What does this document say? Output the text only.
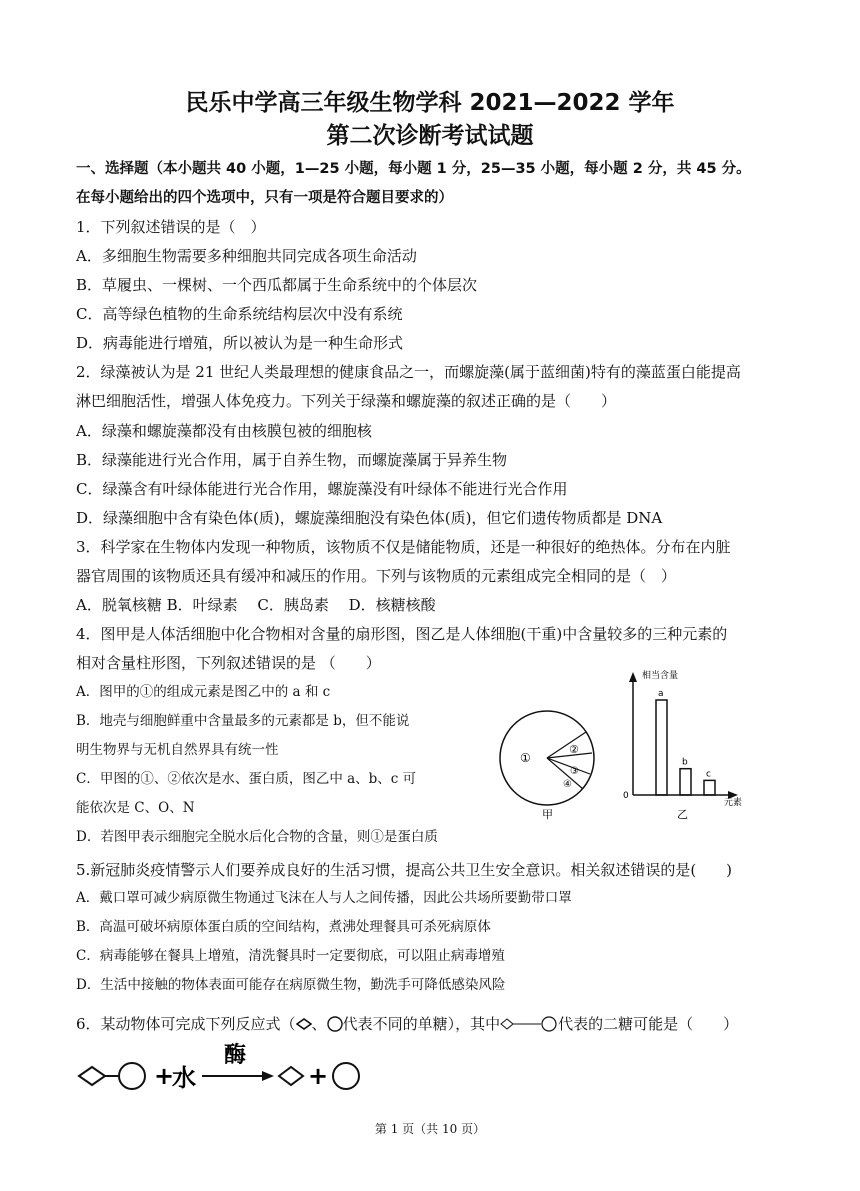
民乐中学高三年级生物学科 2021—2022 学年
第二次诊断考试试题
一、选择题（本小题共 40 小题，1—25 小题，每小题 1 分，25—35 小题，每小题 2 分，共 45 分。
在每小题给出的四个选项中，只有一项是符合题目要求的）
1．下列叙述错误的是（　）
A．多细胞生物需要多种细胞共同完成各项生命活动
B．草履虫、一棵树、一个西瓜都属于生命系统中的个体层次
C．高等绿色植物的生命系统结构层次中没有系统
D．病毒能进行增殖，所以被认为是一种生命形式
2．绿藻被认为是 21 世纪人类最理想的健康食品之一，而螺旋藻(属于蓝细菌)特有的藻蓝蛋白能提高
淋巴细胞活性，增强人体免疫力。下列关于绿藻和螺旋藻的叙述正确的是（　　）
A．绿藻和螺旋藻都没有由核膜包被的细胞核
B．绿藻能进行光合作用，属于自养生物，而螺旋藻属于异养生物
C．绿藻含有叶绿体能进行光合作用，螺旋藻没有叶绿体不能进行光合作用
D．绿藻细胞中含有染色体(质)，螺旋藻细胞没有染色体(质)，但它们遗传物质都是 DNA
3．科学家在生物体内发现一种物质，该物质不仅是储能物质，还是一种很好的绝热体。分布在内脏
器官周围的该物质还具有缓冲和减压的作用。下列与该物质的元素组成完全相同的是（　）
A．脱氧核糖 B．叶绿素　 C．胰岛素　 D．核糖核酸
4．图甲是人体活细胞中化合物相对含量的扇形图，图乙是人体细胞(干重)中含量较多的三种元素的
相对含量柱形图，下列叙述错误的是 （　　）
A．图甲的①的组成元素是图乙中的 a 和 c
B．地壳与细胞鲜重中含量最多的元素都是 b，但不能说
明生物界与无机自然界具有统一性
C．甲图的①、②依次是水、蛋白质，图乙中 a、b、c 可
能依次是 C、O、N
D．若图甲表示细胞完全脱水后化合物的含量，则①是蛋白质
①
②
③
④
甲
相当含量
元素
0
a
b
c
乙
5.新冠肺炎疫情警示人们要养成良好的生活习惯，提高公共卫生安全意识。相关叙述错误的是(　　)
A．戴口罩可减少病原微生物通过飞沫在人与人之间传播，因此公共场所要勤带口罩
B．高温可破坏病原体蛋白质的空间结构，煮沸处理餐具可杀死病原体
C．病毒能够在餐具上增殖，清洗餐具时一定要彻底，可以阻止病毒增殖
D．生活中接触的物体表面可能存在病原微生物，勤洗手可降低感染风险
6．某动物体可完成下列反应式（ 、 代表不同的单糖），其中	代表的二糖可能是（　　）
+
水
酶
+
第 1 页（共 10 页）
